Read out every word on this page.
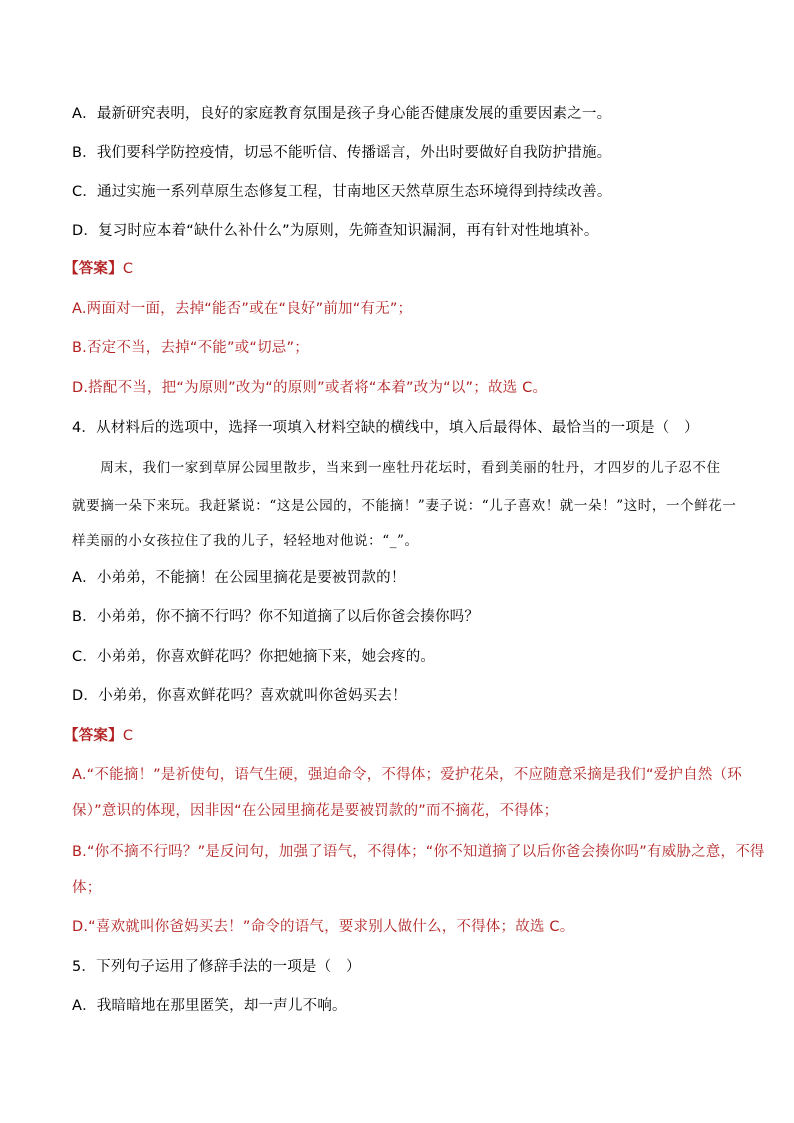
A．最新研究表明，良好的家庭教育氛围是孩子身心能否健康发展的重要因素之一。
B．我们要科学防控疫情，切忌不能听信、传播谣言，外出时要做好自我防护措施。
C．通过实施一系列草原生态修复工程，甘南地区天然草原生态环境得到持续改善。
D．复习时应本着“缺什么补什么”为原则，先筛查知识漏洞，再有针对性地填补。
【答案】C
A.两面对一面，去掉“能否”或在“良好”前加“有无”；
B.否定不当，去掉“不能”或“切忌”；
D.搭配不当，把“为原则”改为“的原则”或者将“本着”改为“以”；故选 C。
4．从材料后的选项中，选择一项填入材料空缺的横线中，填入后最得体、最恰当的一项是（　）
　　周末，我们一家到草屏公园里散步，当来到一座牡丹花坛时，看到美丽的牡丹，才四岁的儿子忍不住
就要摘一朵下来玩。我赶紧说：“这是公园的，不能摘！”妻子说：“儿子喜欢！就一朵！”这时，一个鲜花一
样美丽的小女孩拉住了我的儿子，轻轻地对他说：“_”。
A．小弟弟，不能摘！在公园里摘花是要被罚款的！
B．小弟弟，你不摘不行吗？你不知道摘了以后你爸会揍你吗？
C．小弟弟，你喜欢鲜花吗？你把她摘下来，她会疼的。
D．小弟弟，你喜欢鲜花吗？喜欢就叫你爸妈买去！
【答案】C
A.“不能摘！”是祈使句，语气生硬，强迫命令，不得体；爱护花朵，不应随意采摘是我们“爱护自然（环
保）”意识的体现，因非因“在公园里摘花是要被罚款的”而不摘花，不得体；
B.“你不摘不行吗？”是反问句，加强了语气，不得体；“你不知道摘了以后你爸会揍你吗”有威胁之意，不得
体；
D.“喜欢就叫你爸妈买去！”命令的语气，要求别人做什么，不得体；故选 C。
5．下列句子运用了修辞手法的一项是（　）
A．我暗暗地在那里匿笑，却一声儿不响。
